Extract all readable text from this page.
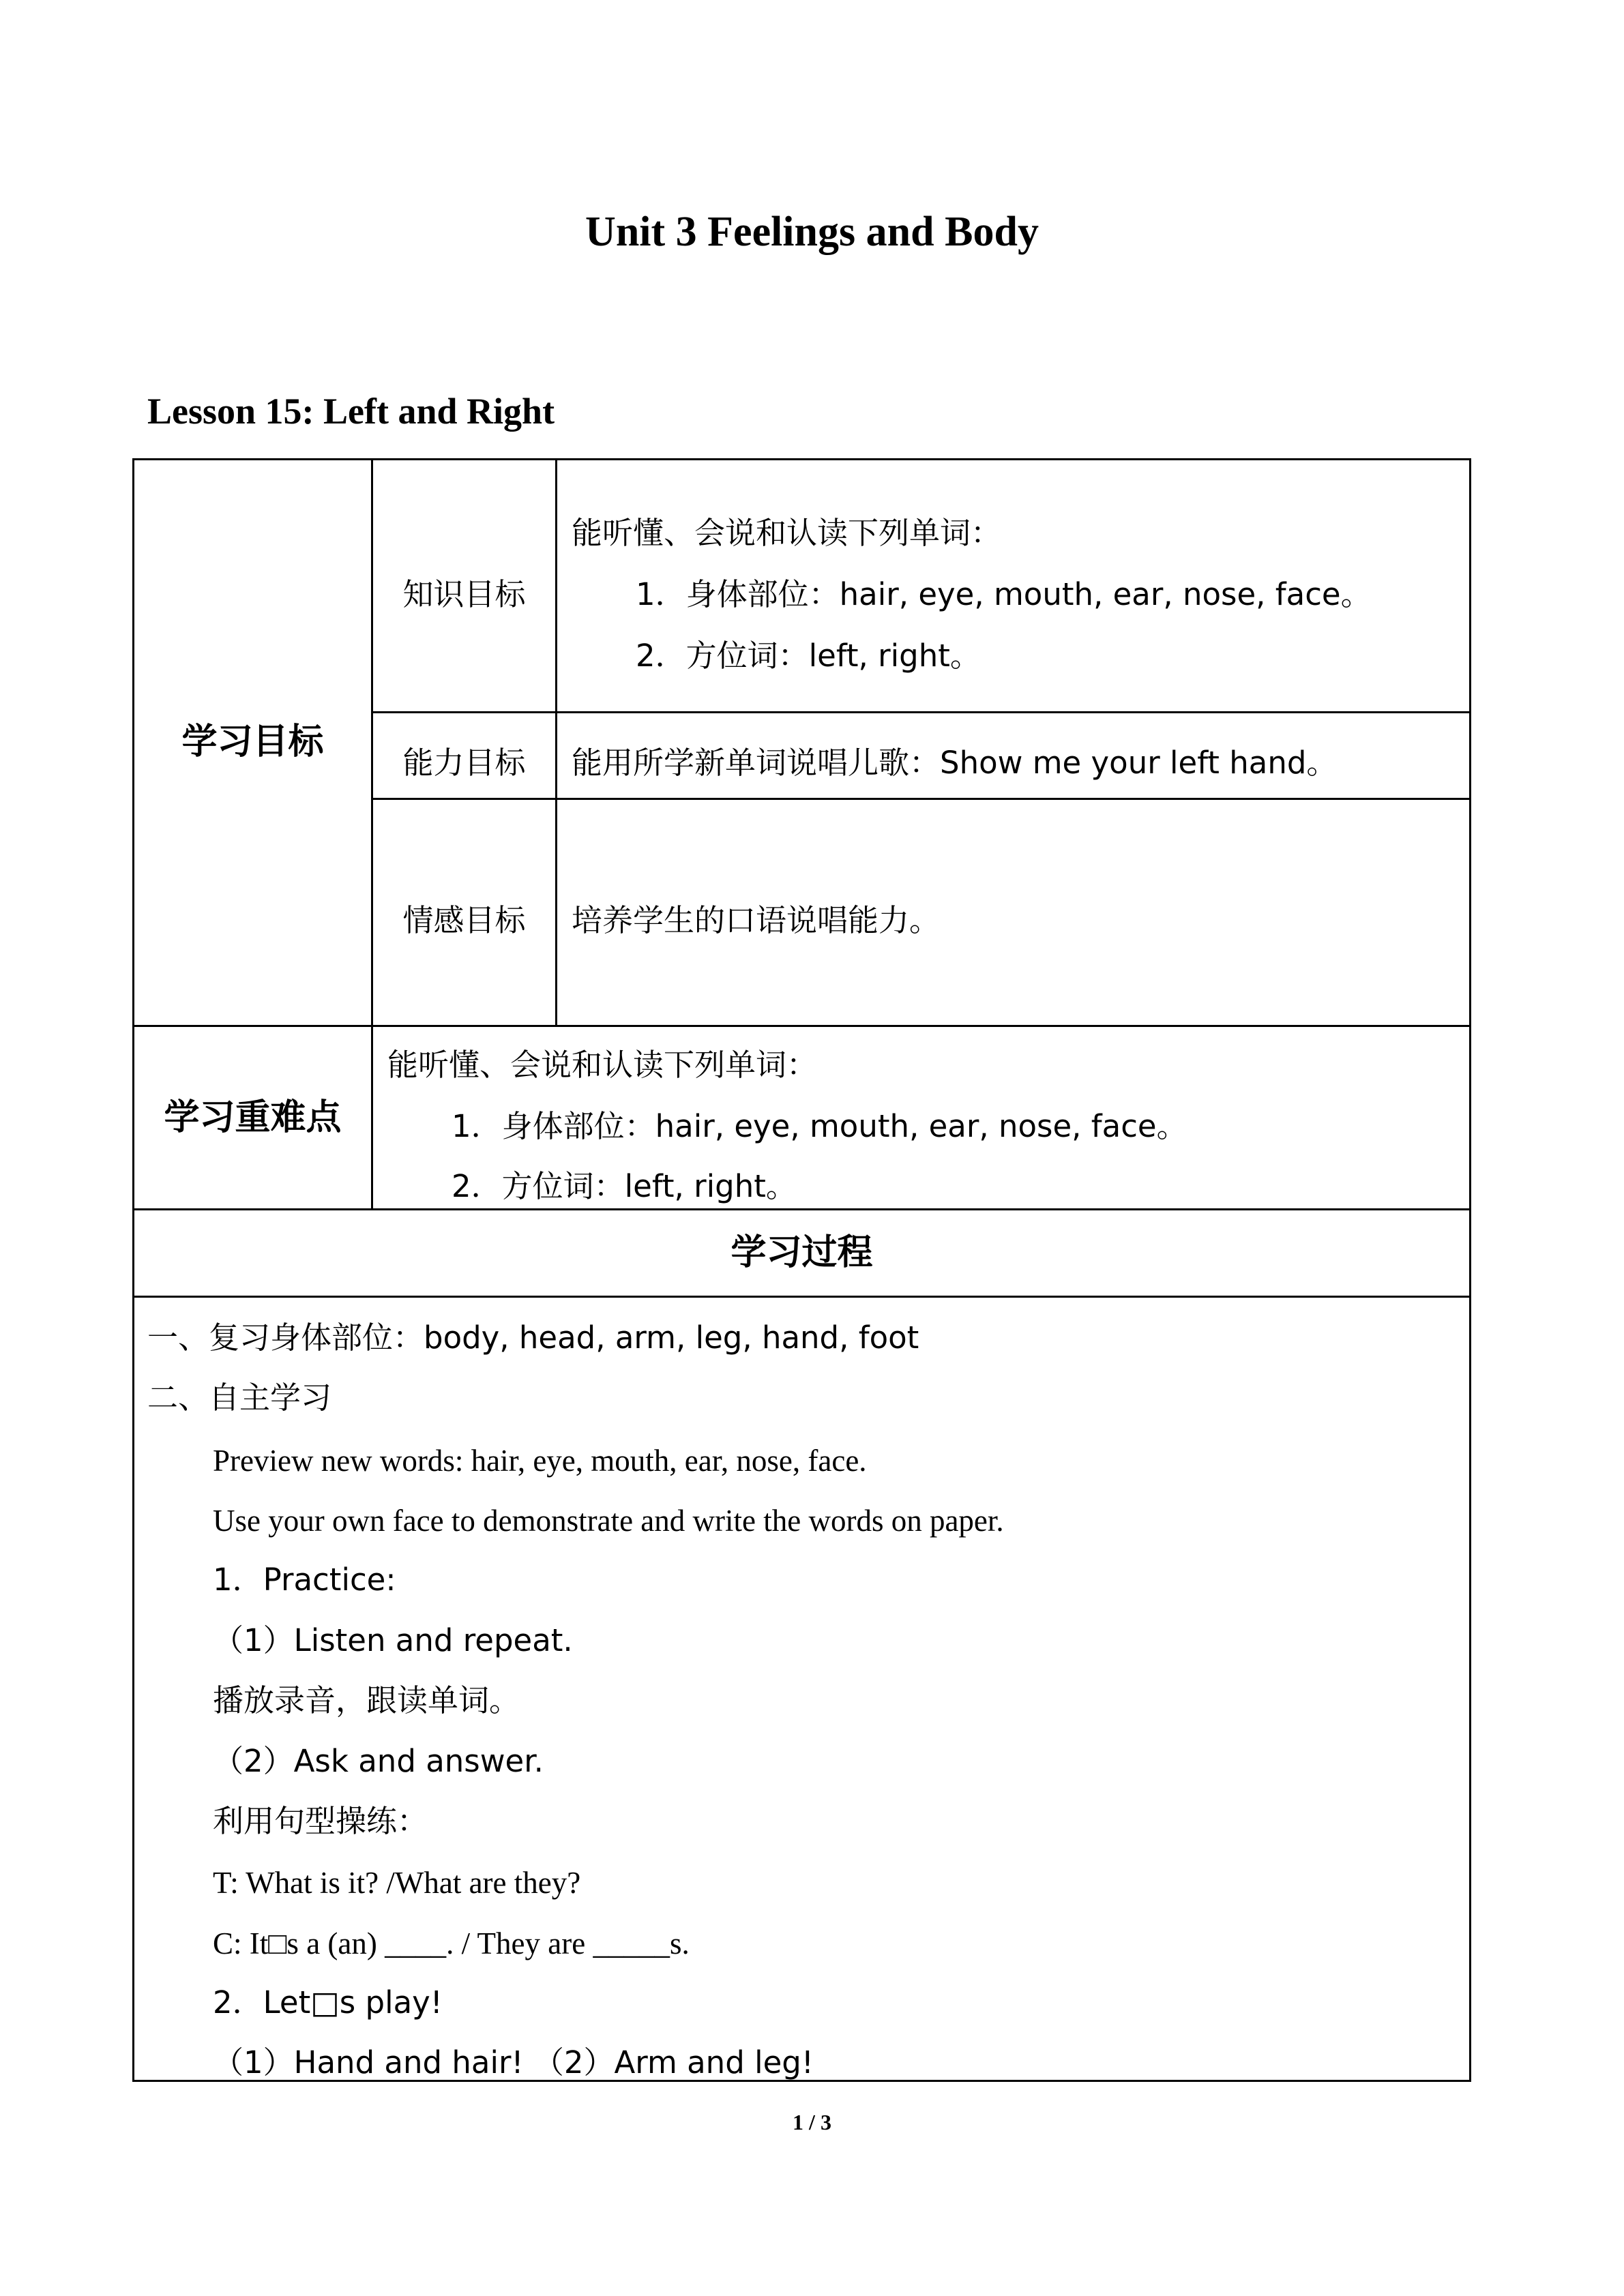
Unit 3 Feelings and Body
Lesson 15: Left and Right
学习目标
知识目标
能听懂、会说和认读下列单词：
1．身体部位：hair, eye, mouth, ear, nose, face。
2．方位词：left, right。
能力目标	能用所学新单词说唱儿歌：Show me your left hand。
情感目标	培养学生的口语说唱能力。
学习重难点
能听懂、会说和认读下列单词：
1．身体部位：hair, eye, mouth, ear, nose, face。
2．方位词：left, right。
学习过程
一、复习身体部位：body, head, arm, leg, hand, foot
二、自主学习
Preview new words: hair, eye, mouth, ear, nose, face.
Use your own face to demonstrate and write the words on paper.
1．Practice:
（1）Listen and repeat.
播放录音，跟读单词。
（2）Ask and answer.
利用句型操练：
T: What is it? /What are they?
C: It□s a (an) ____. / They are _____s.
2．Let□s play!
（1）Hand and hair! （2）Arm and leg!
1 / 3
